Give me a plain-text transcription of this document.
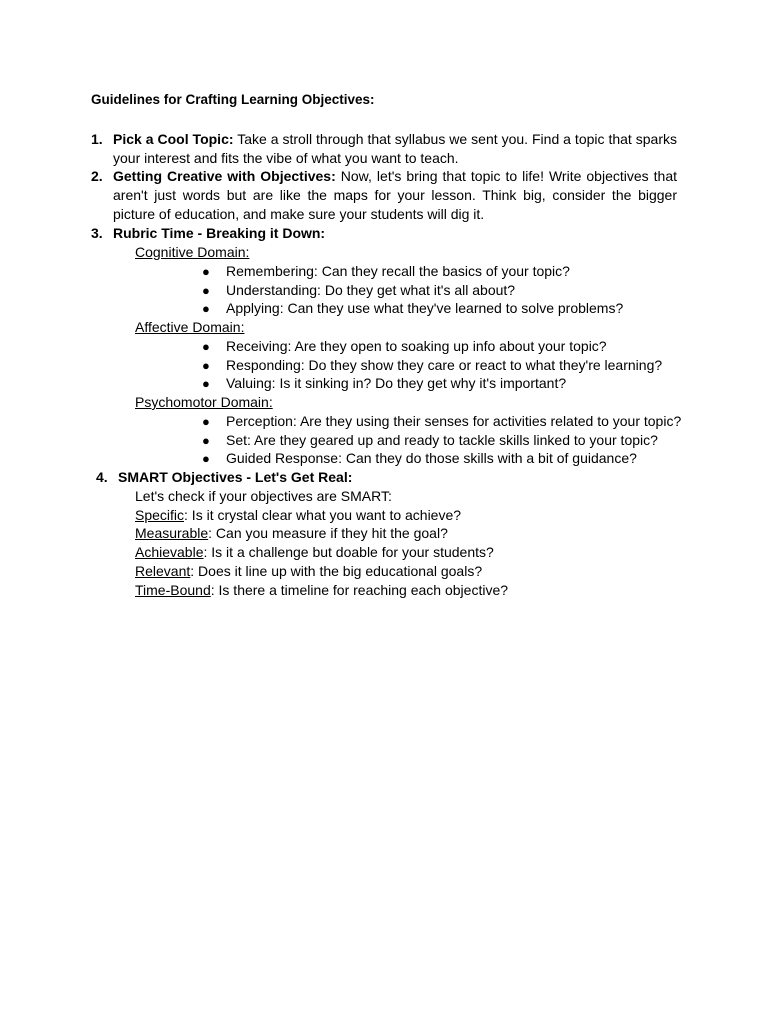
Guidelines for Crafting Learning Objectives:
1. Pick a Cool Topic: Take a stroll through that syllabus we sent you. Find a topic that sparks your interest and fits the vibe of what you want to teach.
2. Getting Creative with Objectives: Now, let's bring that topic to life! Write objectives that aren't just words but are like the maps for your lesson. Think big, consider the bigger picture of education, and make sure your students will dig it.
3. Rubric Time - Breaking it Down:
Cognitive Domain:
● Remembering: Can they recall the basics of your topic?
● Understanding: Do they get what it's all about?
● Applying: Can they use what they've learned to solve problems?
Affective Domain:
● Receiving: Are they open to soaking up info about your topic?
● Responding: Do they show they care or react to what they're learning?
● Valuing: Is it sinking in? Do they get why it's important?
Psychomotor Domain:
● Perception: Are they using their senses for activities related to your topic?
● Set: Are they geared up and ready to tackle skills linked to your topic?
● Guided Response: Can they do those skills with a bit of guidance?
4. SMART Objectives - Let's Get Real:
Let's check if your objectives are SMART:
Specific: Is it crystal clear what you want to achieve?
Measurable: Can you measure if they hit the goal?
Achievable: Is it a challenge but doable for your students?
Relevant: Does it line up with the big educational goals?
Time-Bound: Is there a timeline for reaching each objective?
